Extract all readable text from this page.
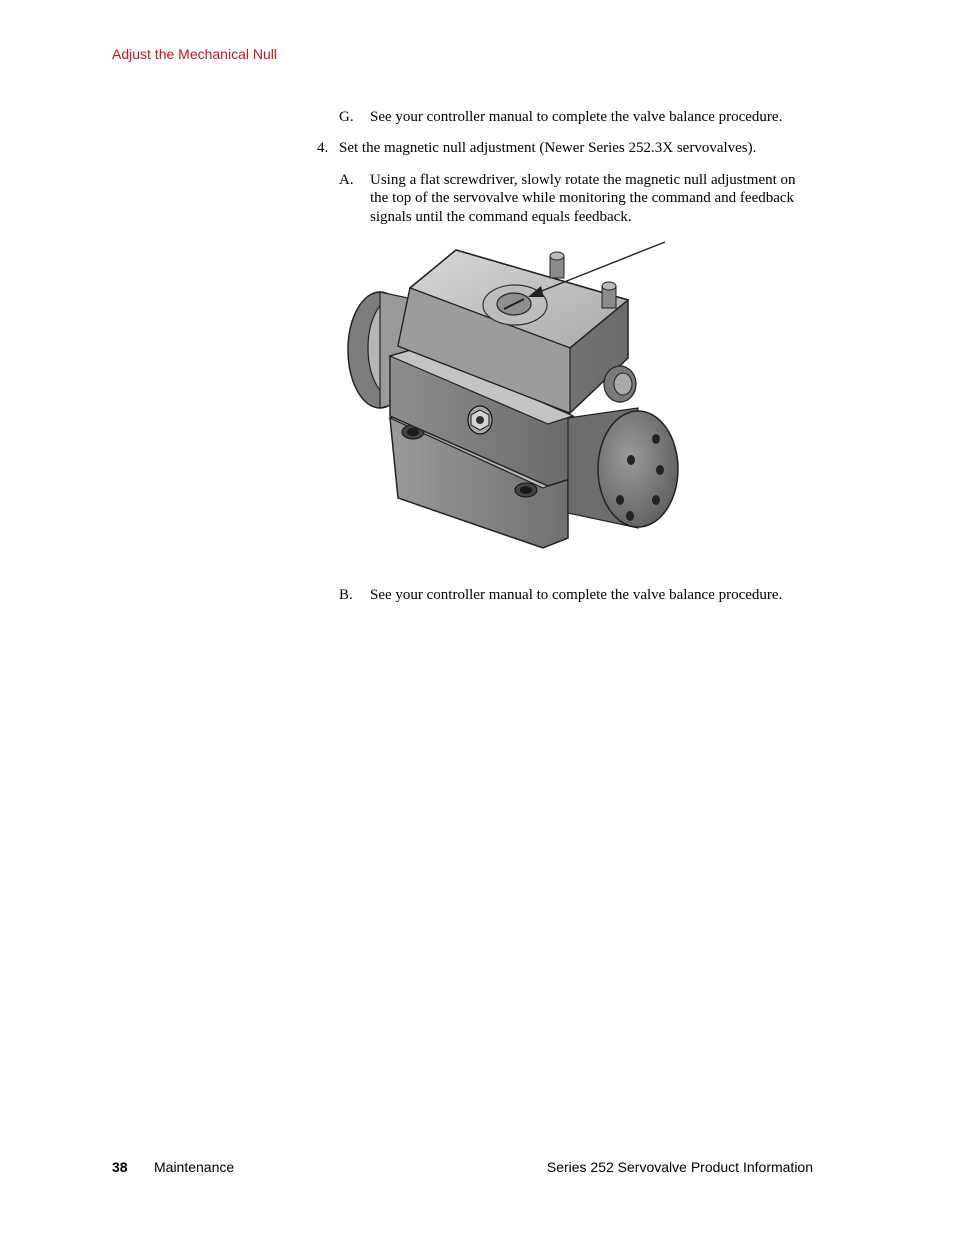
Adjust the Mechanical Null
G. See your controller manual to complete the valve balance procedure.
4. Set the magnetic null adjustment (Newer Series 252.3X servovalves).
A. Using a flat screwdriver, slowly rotate the magnetic null adjustment on
the top of the servovalve while monitoring the command and feedback
signals until the command equals feedback.
B. See your controller manual to complete the valve balance procedure.
38 Maintenance	Series 252 Servovalve Product Information
